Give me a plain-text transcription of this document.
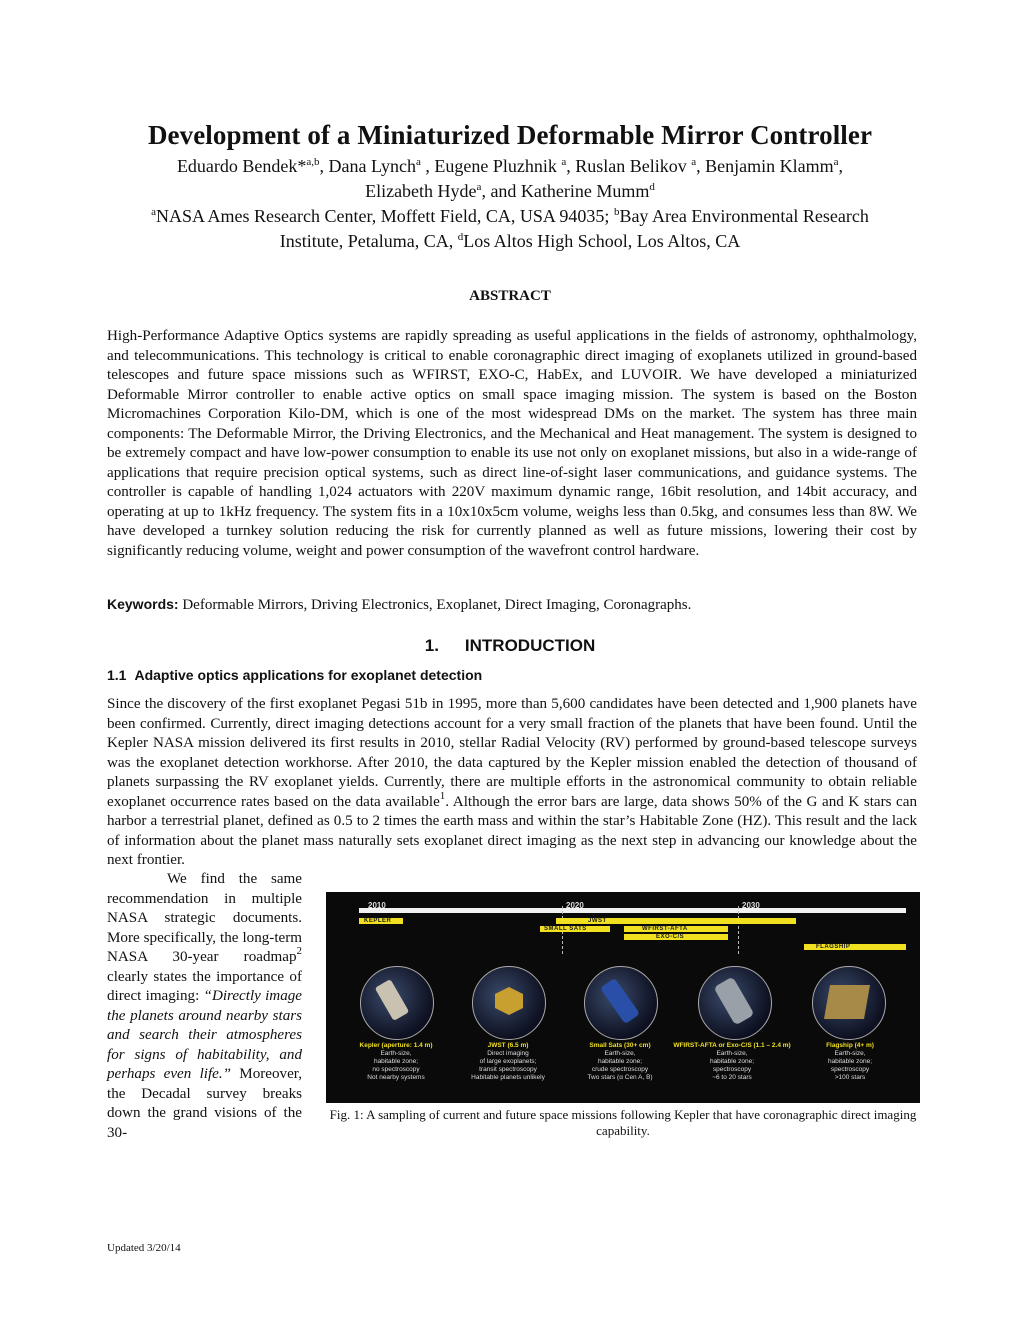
Development of a Miniaturized Deformable Mirror Controller
Eduardo Bendek*$^{a,b}$, Dana Lynch$^a$ , Eugene Pluzhnik $^a$, Ruslan Belikov $^a$, Benjamin Klamm$^a$,
Elizabeth Hyde$^a$, and Katherine Mumm$^d$
$^a$NASA Ames Research Center, Moffett Field, CA, USA 94035; $^b$Bay Area Environmental Research
Institute, Petaluma, CA, $^d$Los Altos High School, Los Altos, CA
ABSTRACT
High-Performance Adaptive Optics systems are rapidly spreading as useful applications in the fields of astronomy, ophthalmology, and telecommunications. This technology is critical to enable coronagraphic direct imaging of exoplanets utilized in ground-based telescopes and future space missions such as WFIRST, EXO-C, HabEx, and LUVOIR. We have developed a miniaturized Deformable Mirror controller to enable active optics on small space imaging mission. The system is based on the Boston Micromachines Corporation Kilo-DM, which is one of the most widespread DMs on the market. The system has three main components: The Deformable Mirror, the Driving Electronics, and the Mechanical and Heat management. The system is designed to be extremely compact and have low-power consumption to enable its use not only on exoplanet missions, but also in a wide-range of applications that require precision optical systems, such as direct line-of-sight laser communications, and guidance systems. The controller is capable of handling 1,024 actuators with 220V maximum dynamic range, 16bit resolution, and 14bit accuracy, and operating at up to 1kHz frequency. The system fits in a 10x10x5cm volume, weighs less than 0.5kg, and consumes less than 8W. We have developed a turnkey solution reducing the risk for currently planned as well as future missions, lowering their cost by significantly reducing volume, weight and power consumption of the wavefront control hardware.
Keywords: Deformable Mirrors, Driving Electronics, Exoplanet, Direct Imaging, Coronagraphs.
1. INTRODUCTION
1.1 Adaptive optics applications for exoplanet detection
Since the discovery of the first exoplanet Pegasi 51b in 1995, more than 5,600 candidates have been detected and 1,900 planets have been confirmed. Currently, direct imaging detections account for a very small fraction of the planets that have been found. Until the Kepler NASA mission delivered its first results in 2010, stellar Radial Velocity (RV) performed by ground-based telescope surveys was the exoplanet detection workhorse. After 2010, the data captured by the Kepler mission enabled the detection of thousand of planets surpassing the RV exoplanet yields. Currently, there are multiple efforts in the astronomical community to obtain reliable exoplanet occurrence rates based on the data available$^1$. Although the error bars are large, data shows 50% of the G and K stars can harbor a terrestrial planet, defined as 0.5 to 2 times the earth mass and within the star’s Habitable Zone (HZ). This result and the lack of information about the planet mass naturally sets exoplanet direct imaging as the next step in advancing our knowledge about the next frontier.
We find the same recommendation in multiple NASA strategic documents. More specifically, the long-term NASA 30-year roadmap$^2$ clearly states the importance of direct imaging: “Directly image the planets around nearby stars and search their atmospheres for signs of habitability, and perhaps even life.” Moreover, the Decadal survey breaks down the grand visions of the 30-
2010	2020	2030
KEPLER	JWST
SMALL SATS	WFIRST-AFTA
EXO-C/S
FLAGSHIP
Kepler (aperture: 1.4 m)
Earth-size,
habitable zone;
no spectroscopy
Not nearby systems
JWST (6.5 m)
Direct imaging
of large exoplanets;
transit spectroscopy
Habitable planets unlikely
Small Sats (30+ cm)
Earth-size,
habitable zone;
crude spectroscopy
Two stars (α Cen A, B)
WFIRST-AFTA or Exo-C/S (1.1 – 2.4 m)
Earth-size,
habitable zone;
spectroscopy
~6 to 20 stars
Flagship (4+ m)
Earth-size,
habitable zone;
spectroscopy
>100 stars
Fig. 1: A sampling of current and future space missions following Kepler that have coronagraphic direct imaging capability.
Updated 3/20/14
